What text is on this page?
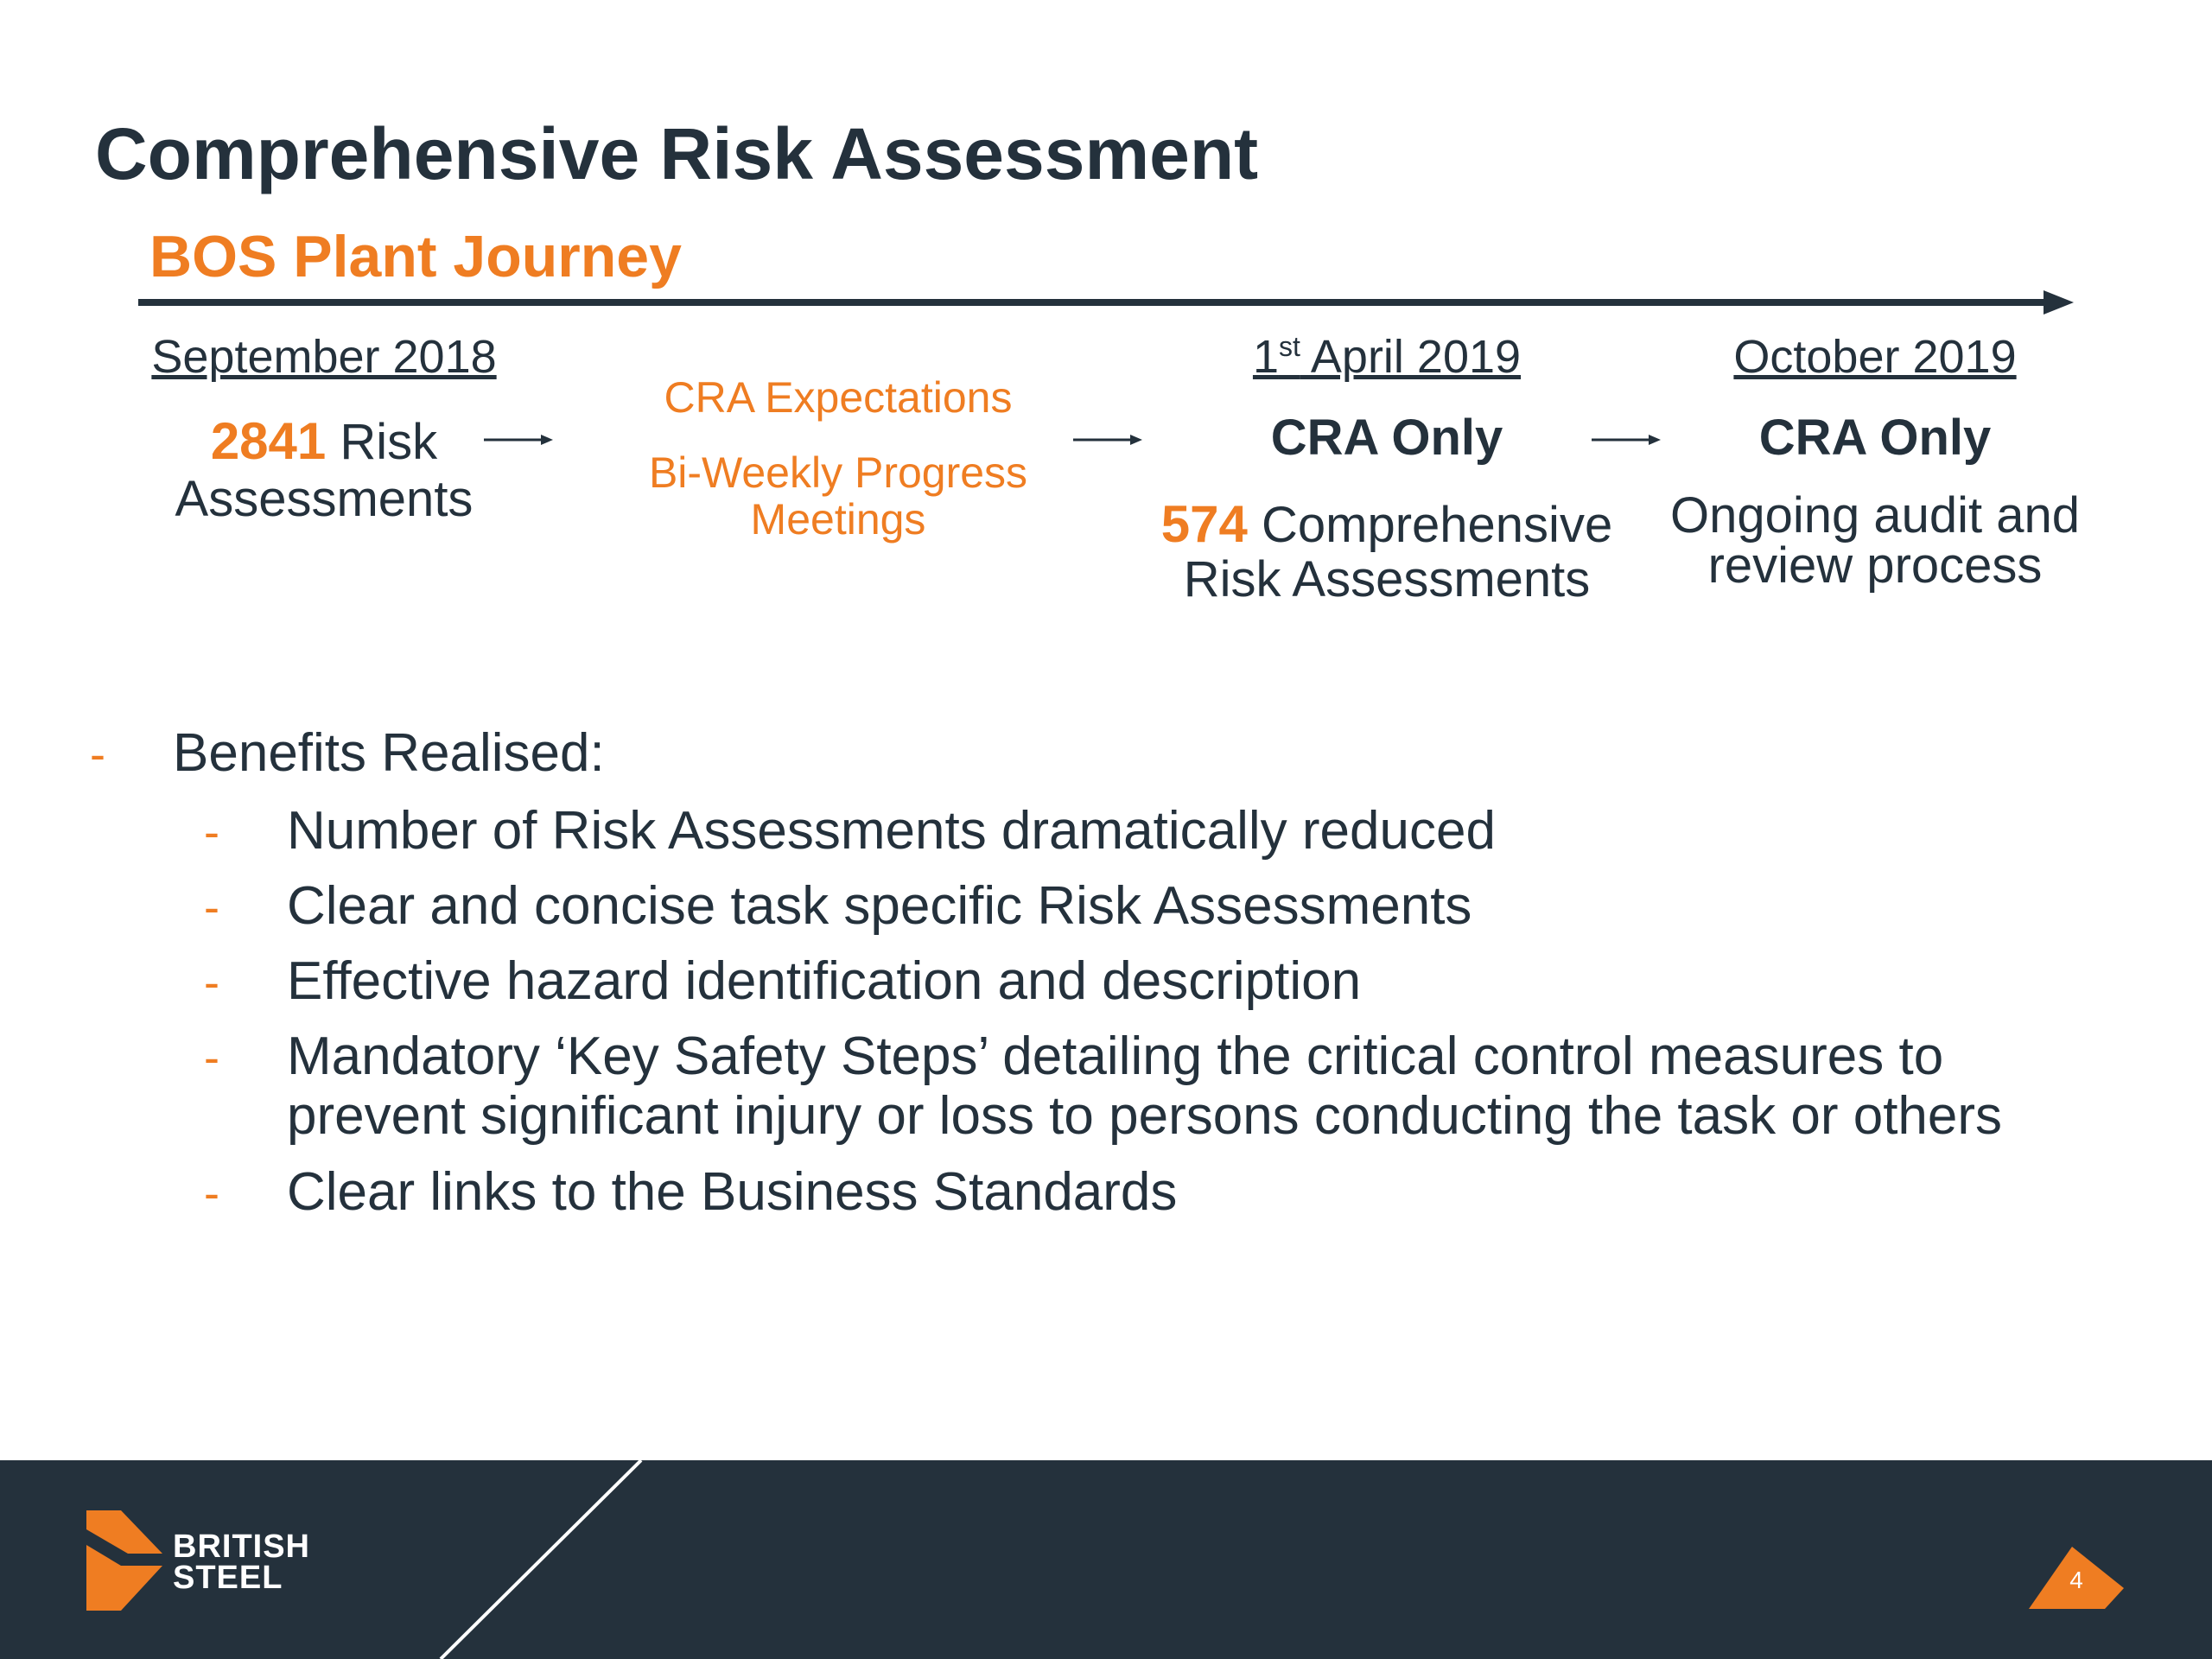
Comprehensive Risk Assessment
BOS Plant Journey
September 2018
2841 Risk
Assessments
CRA Expectations
Bi-Weekly Progress
Meetings
1st April 2019
CRA Only
574 Comprehensive
Risk Assessments
October 2019
CRA Only
Ongoing audit and
review process
- Benefits Realised:
- Number of Risk Assessments dramatically reduced
- Clear and concise task specific Risk Assessments
- Effective hazard identification and description
- Mandatory ‘Key Safety Steps’ detailing the critical control measures to
prevent significant injury or loss to persons conducting the task or others
- Clear links to the Business Standards
BRITISH
STEEL	4
